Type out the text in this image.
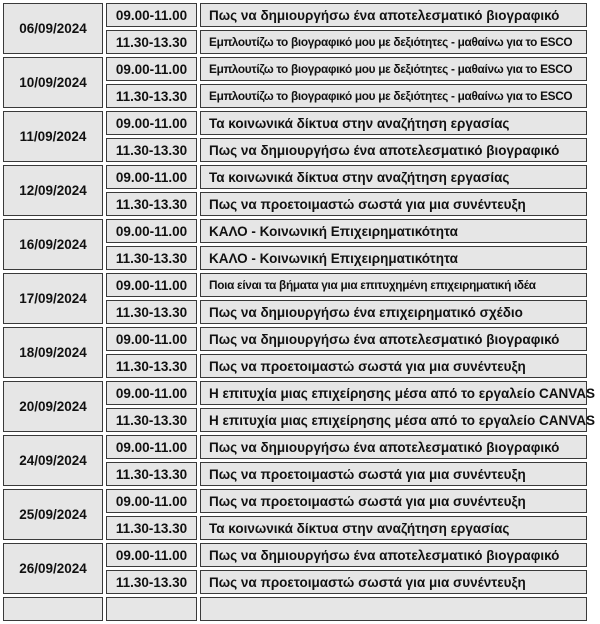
06/09/2024	09.00-11.00	Πως να δημιουργήσω ένα αποτελεσματικό βιογραφικό
	11.30-13.30	Εμπλουτίζω το βιογραφικό μου με δεξιότητες - μαθαίνω για το ESCO
10/09/2024	09.00-11.00	Εμπλουτίζω το βιογραφικό μου με δεξιότητες - μαθαίνω για το ESCO
	11.30-13.30	Εμπλουτίζω το βιογραφικό μου με δεξιότητες - μαθαίνω για το ESCO
11/09/2024	09.00-11.00	Τα κοινωνικά δίκτυα στην αναζήτηση εργασίας
	11.30-13.30	Πως να δημιουργήσω ένα αποτελεσματικό βιογραφικό
12/09/2024	09.00-11.00	Τα κοινωνικά δίκτυα στην αναζήτηση εργασίας
	11.30-13.30	Πως να προετοιμαστώ σωστά για μια συνέντευξη
16/09/2024	09.00-11.00	ΚΑΛΟ - Κοινωνική Επιχειρηματικότητα
	11.30-13.30	ΚΑΛΟ - Κοινωνική Επιχειρηματικότητα
17/09/2024	09.00-11.00	Ποια είναι τα βήματα για μια επιτυχημένη επιχειρηματική ιδέα
	11.30-13.30	Πως να δημιουργήσω ένα επιχειρηματικό σχέδιο
18/09/2024	09.00-11.00	Πως να δημιουργήσω ένα αποτελεσματικό βιογραφικό
	11.30-13.30	Πως να προετοιμαστώ σωστά για μια συνέντευξη
20/09/2024	09.00-11.00	Η επιτυχία μιας επιχείρησης μέσα από το εργαλείο CANVAS
	11.30-13.30	Η επιτυχία μιας επιχείρησης μέσα από το εργαλείο CANVAS
24/09/2024	09.00-11.00	Πως να δημιουργήσω ένα αποτελεσματικό βιογραφικό
	11.30-13.30	Πως να προετοιμαστώ σωστά για μια συνέντευξη
25/09/2024	09.00-11.00	Πως να προετοιμαστώ σωστά για μια συνέντευξη
	11.30-13.30	Τα κοινωνικά δίκτυα στην αναζήτηση εργασίας
26/09/2024	09.00-11.00	Πως να δημιουργήσω ένα αποτελεσματικό βιογραφικό
	11.30-13.30	Πως να προετοιμαστώ σωστά για μια συνέντευξη
